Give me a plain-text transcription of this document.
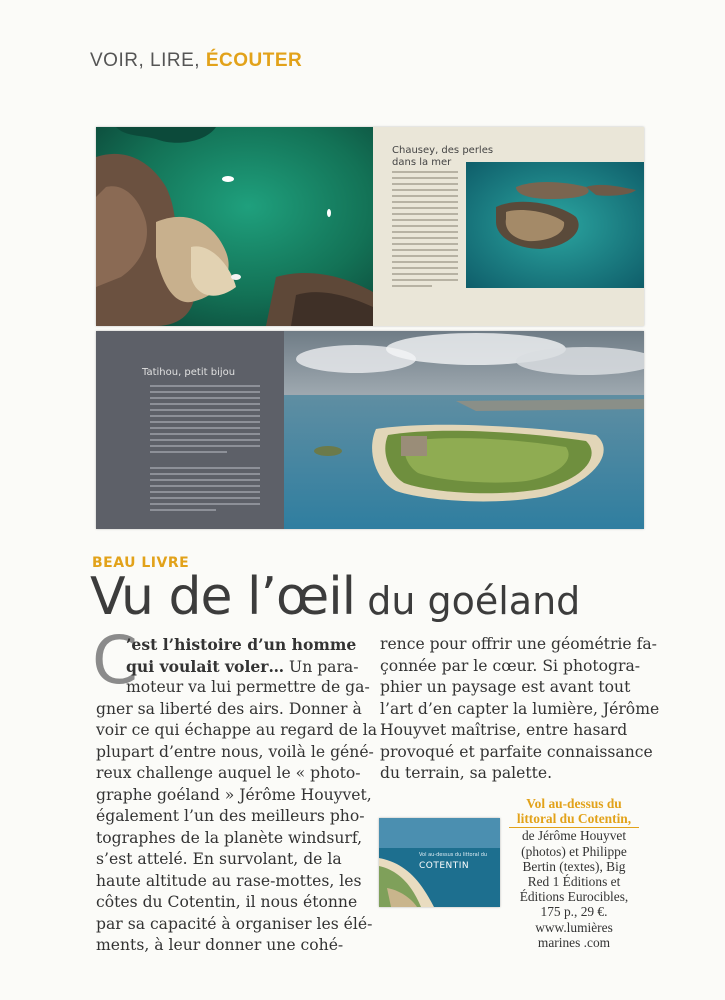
VOIR, LIRE, ÉCOUTER
Chausey, des perles
dans la mer
Tatihou, petit bijou
BEAU LIVRE
Vu de l’œil du goéland
C
’est l’histoire d’un homme
qui voulait voler… Un para-
moteur va lui permettre de ga-
gner sa liberté des airs. Donner à
voir ce qui échappe au regard de la
plupart d’entre nous, voilà le géné-
reux challenge auquel le « photo-
graphe goéland » Jérôme Houyvet,
également l’un des meilleurs pho-
tographes de la planète windsurf,
s’est attelé. En survolant, de la
haute altitude au rase-mottes, les
côtes du Cotentin, il nous étonne
par sa capacité à organiser les élé-
ments, à leur donner une cohé-
rence pour offrir une géométrie fa-
çonnée par le cœur. Si photogra-
phier un paysage est avant tout
l’art d’en capter la lumière, Jérôme
Houyvet maîtrise, entre hasard
provoqué et parfaite connaissance
du terrain, sa palette.
Vol au-dessus du littoral du
COTENTIN
Vol au-dessus du
littoral du Cotentin,
de Jérôme Houyvet
(photos) et Philippe
Bertin (textes), Big
Red 1 Éditions et
Éditions Eurocibles,
175 p., 29 €.
www.lumières
marines .com
